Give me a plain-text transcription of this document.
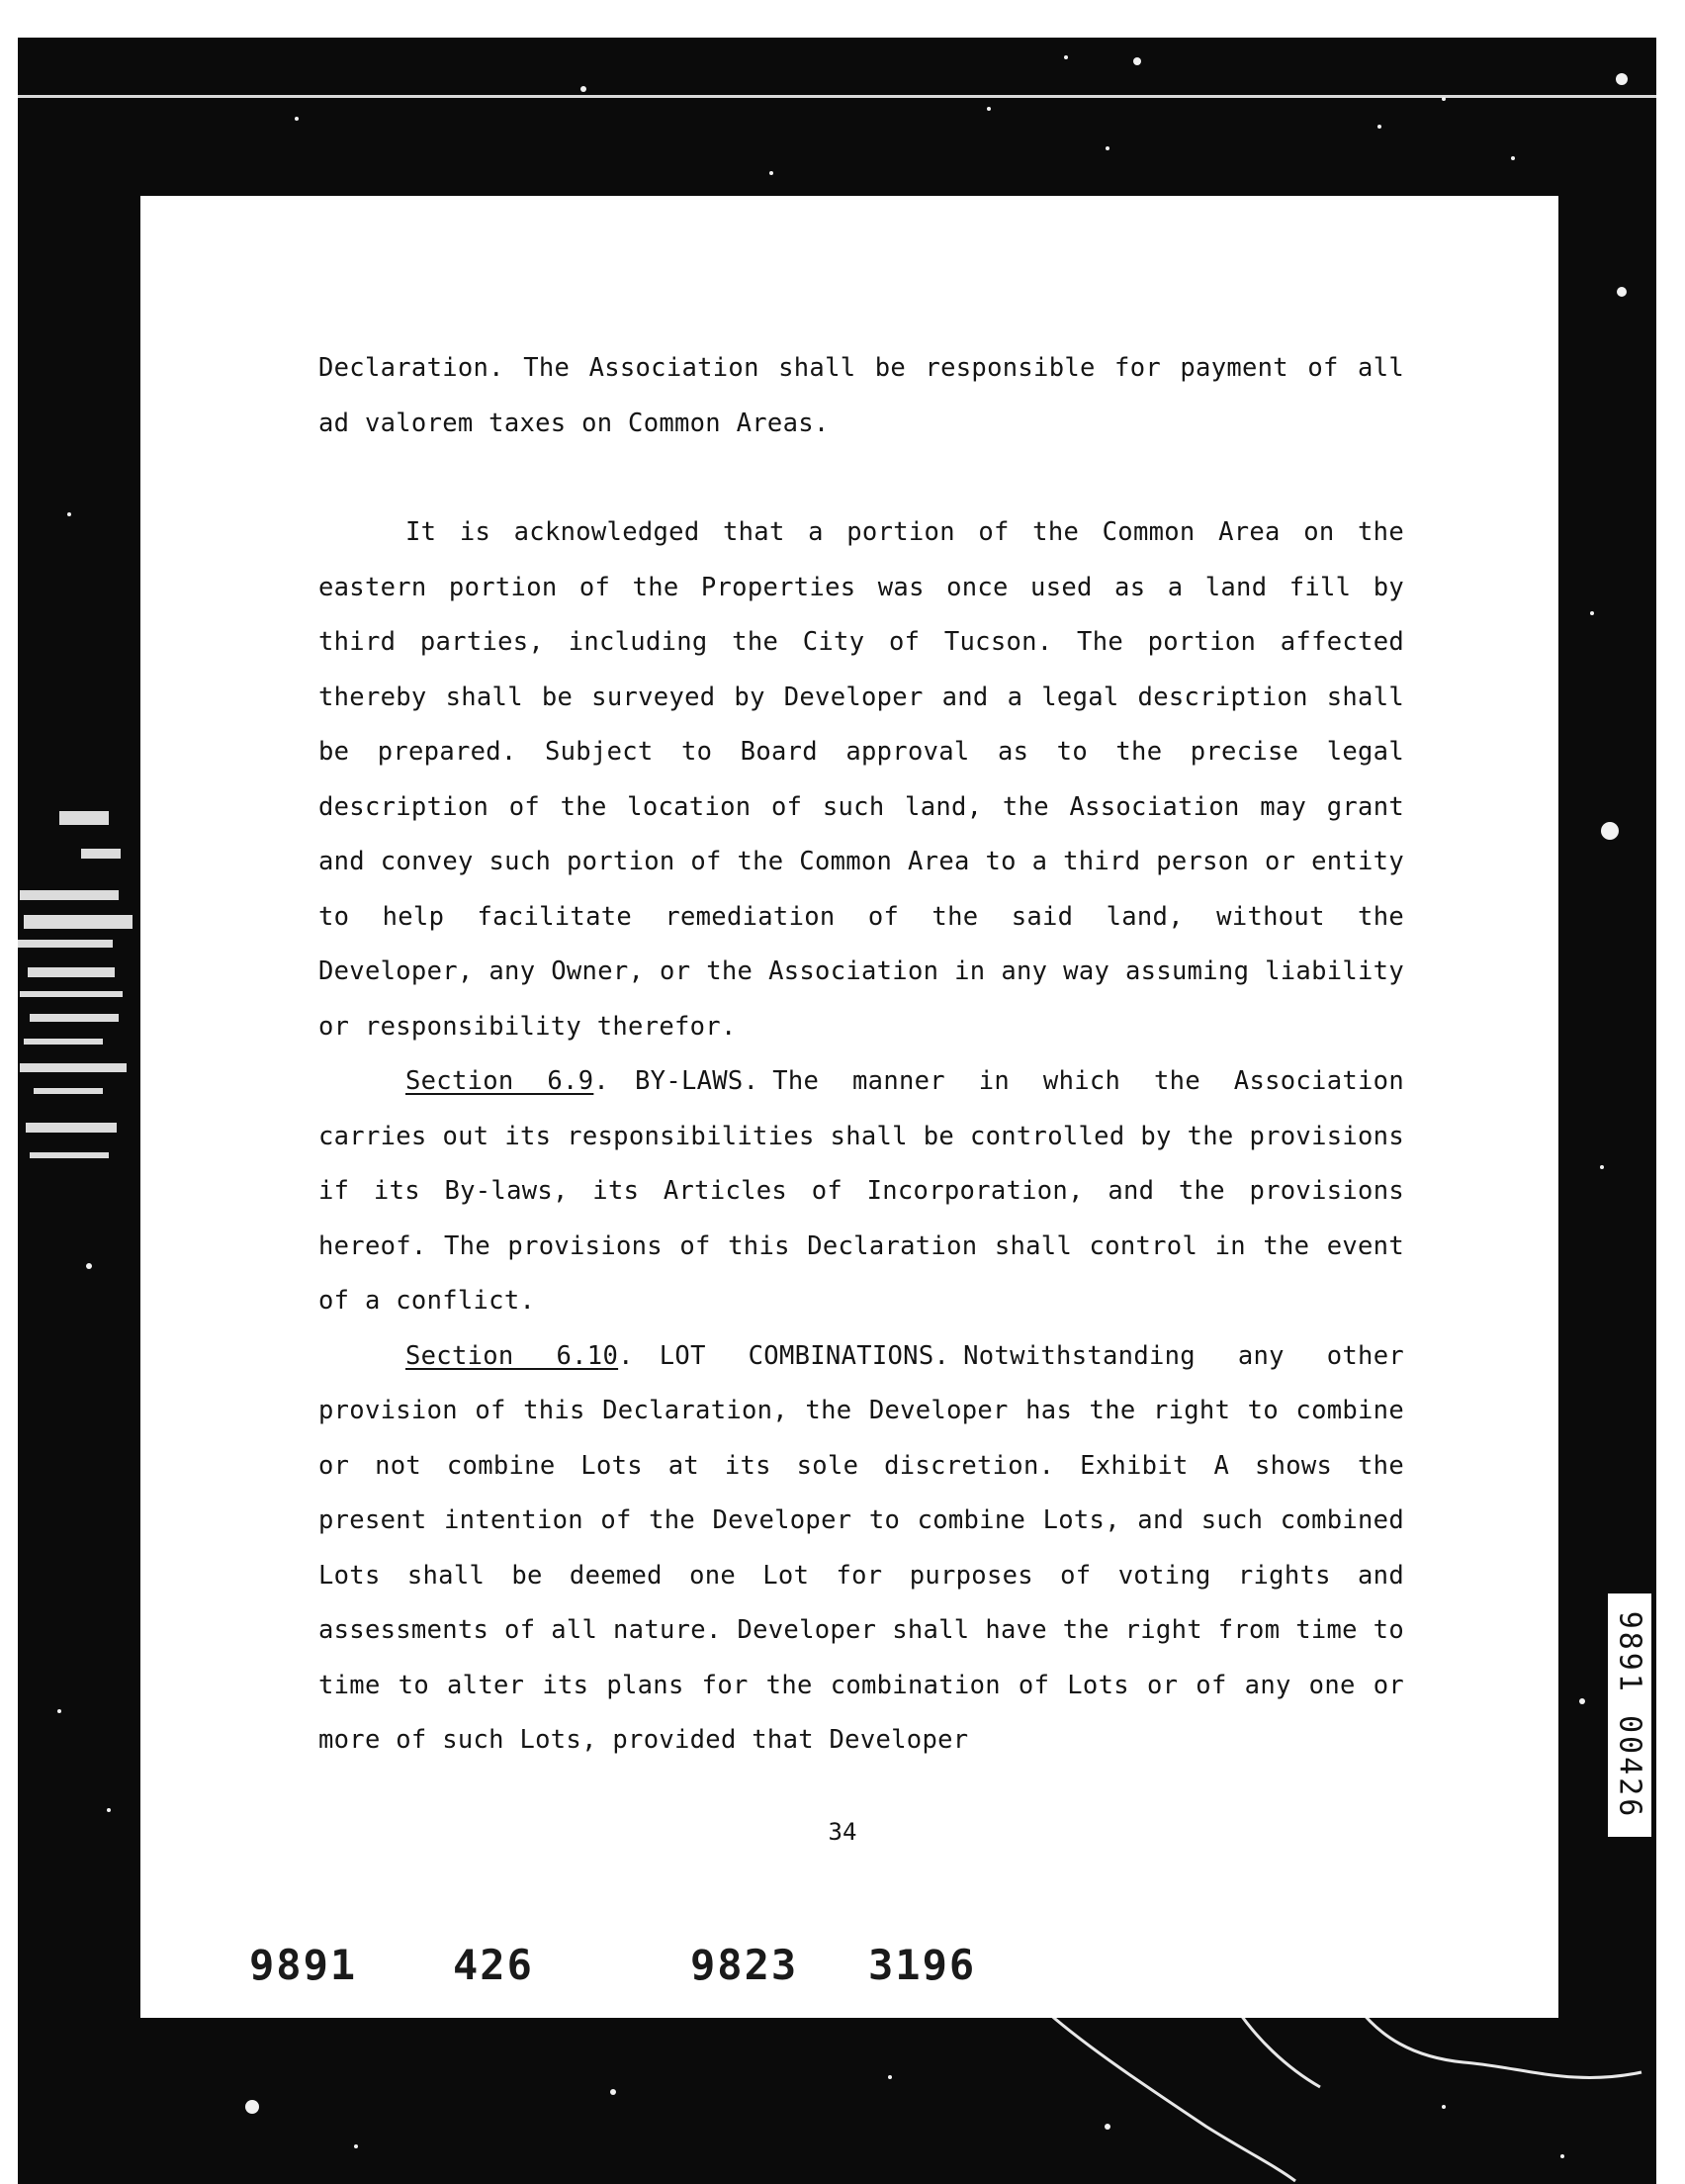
Declaration. The Association shall be responsible for payment of all ad valorem taxes on Common Areas.

It is acknowledged that a portion of the Common Area on the eastern portion of the Properties was once used as a land fill by third parties, including the City of Tucson. The portion affected thereby shall be surveyed by Developer and a legal description shall be prepared. Subject to Board approval as to the precise legal description of the location of such land, the Association may grant and convey such portion of the Common Area to a third person or entity to help facilitate remediation of the said land, without the Developer, any Owner, or the Association in any way assuming liability or responsibility therefor.

Section 6.9. BY-LAWS. The manner in which the Association carries out its responsibilities shall be controlled by the provisions if its By-laws, its Articles of Incorporation, and the provisions hereof. The provisions of this Declaration shall control in the event of a conflict.

Section 6.10. LOT COMBINATIONS. Notwithstanding any other provision of this Declaration, the Developer has the right to combine or not combine Lots at its sole discretion. Exhibit A shows the present intention of the Developer to combine Lots, and such combined Lots shall be deemed one Lot for purposes of voting rights and assessments of all nature. Developer shall have the right from time to time to alter its plans for the combination of Lots or of any one or more of such Lots, provided that Developer

34
9891 426	9823 3196
9891 00426
